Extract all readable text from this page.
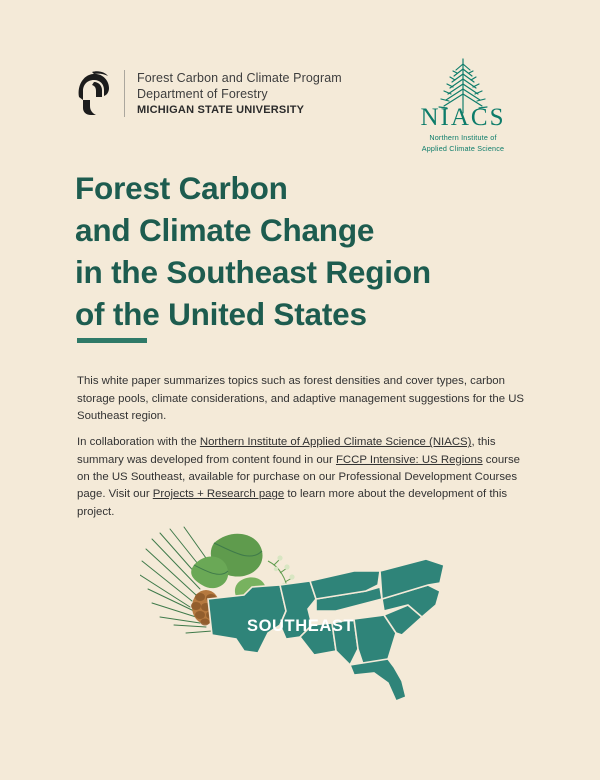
Forest Carbon and Climate Program
Department of Forestry
MICHIGAN STATE UNIVERSITY	NIACS
Northern Institute of
Applied Climate Science
Forest Carbon
and Climate Change
in the Southeast Region
of the United States

This white paper summarizes topics such as forest densities and cover types, carbon storage pools, climate considerations, and adaptive management suggestions for the US Southeast region.

In collaboration with the Northern Institute of Applied Climate Science (NIACS), this summary was developed from content found in our FCCP Intensive: US Regions course on the US Southeast, available for purchase on our Professional Development Courses page. Visit our Projects + Research page to learn more about the development of this project.

SOUTHEAST
